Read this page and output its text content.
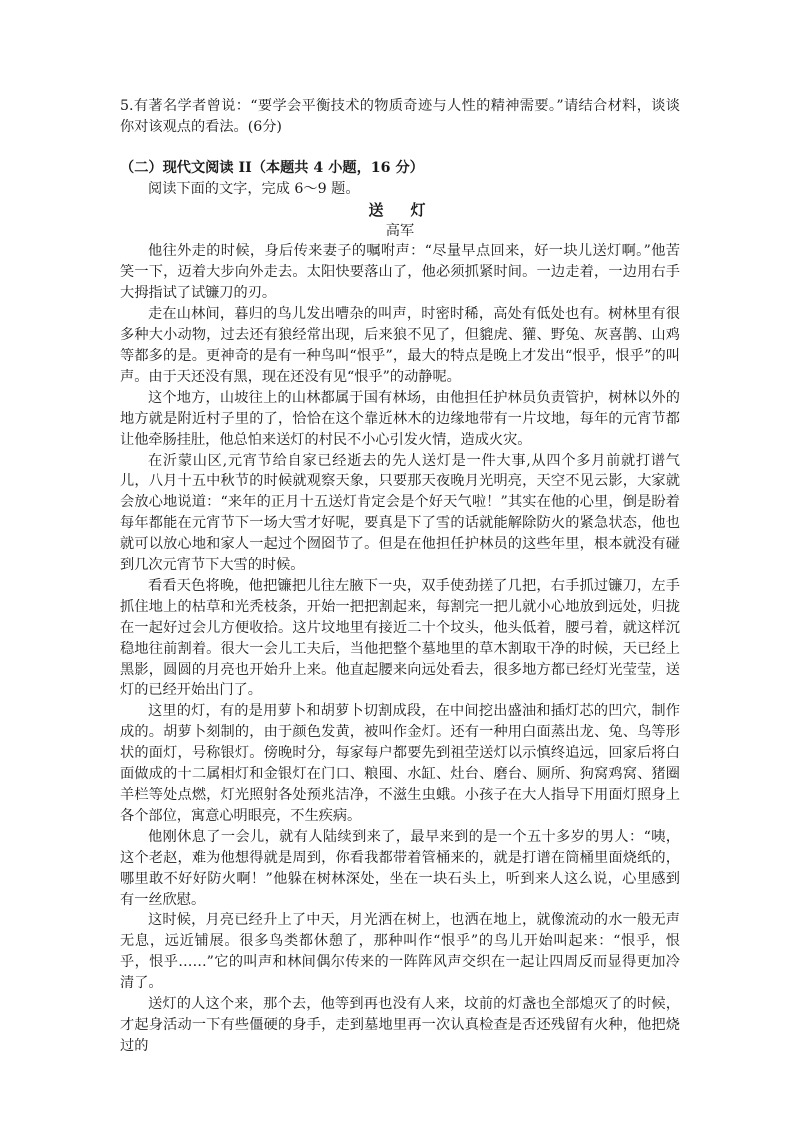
5.有著名学者曾说：“要学会平衡技术的物质奇迹与人性的精神需要。”请结合材料，谈谈你对该观点的看法。(6分)

（二）现代文阅读 II（本题共 4 小题，16 分）

阅读下面的文字，完成 6～9 题。

送　灯

高军

他往外走的时候，身后传来妻子的嘱咐声：“尽量早点回来，好一块儿送灯啊。”他苦笑一下，迈着大步向外走去。太阳快要落山了，他必须抓紧时间。一边走着，一边用右手大拇指试了试镰刀的刃。

走在山林间，暮归的鸟儿发出嘈杂的叫声，时密时稀，高处有低处也有。树林里有很多种大小动物，过去还有狼经常出现，后来狼不见了，但貔虎、獾、野兔、灰喜鹊、山鸡等都多的是。更神奇的是有一种鸟叫“恨乎”，最大的特点是晚上才发出“恨乎，恨乎”的叫声。由于天还没有黑，现在还没有见“恨乎”的动静呢。

这个地方，山坡往上的山林都属于国有林场，由他担任护林员负责管护，树林以外的地方就是附近村子里的了，恰恰在这个靠近林木的边缘地带有一片坟地，每年的元宵节都让他牵肠挂肚，他总怕来送灯的村民不小心引发火情，造成火灾。

在沂蒙山区,元宵节给自家已经逝去的先人送灯是一件大事,从四个多月前就打谱气儿，八月十五中秋节的时候就观察天象，只要那天夜晚月光明亮，天空不见云影，大家就会放心地说道：“来年的正月十五送灯肯定会是个好天气啦！”其实在他的心里，倒是盼着每年都能在元宵节下一场大雪才好呢，要真是下了雪的话就能解除防火的紧急状态，他也就可以放心地和家人一起过个囫囵节了。但是在他担任护林员的这些年里，根本就没有碰到几次元宵节下大雪的时候。

看看天色将晚，他把镰把儿往左腋下一央，双手使劲搓了几把，右手抓过镰刀，左手抓住地上的枯草和光秃枝条，开始一把把割起来，每割完一把儿就小心地放到远处，归拢在一起好过会儿方便收拾。这片坟地里有接近二十个坟头，他头低着，腰弓着，就这样沉稳地往前割着。很大一会儿工夫后，当他把整个墓地里的草木割取干净的时候，天已经上黑影，圆圆的月亮也开始升上来。他直起腰来向远处看去，很多地方都已经灯光莹莹，送灯的已经开始出门了。

这里的灯，有的是用萝卜和胡萝卜切割成段，在中间挖出盛油和插灯芯的凹穴，制作成的。胡萝卜刻制的，由于颜色发黄，被叫作金灯。还有一种用白面蒸出龙、兔、鸟等形状的面灯，号称银灯。傍晚时分，每家每户都要先到祖茔送灯以示慎终追远，回家后将白面做成的十二属相灯和金银灯在门口、粮囤、水缸、灶台、磨台、厕所、狗窝鸡窝、猪圈羊栏等处点燃，灯光照射各处预兆洁净，不滋生虫蛾。小孩子在大人指导下用面灯照身上各个部位，寓意心明眼亮，不生疾病。

他刚休息了一会儿，就有人陆续到来了，最早来到的是一个五十多岁的男人：“咦，这个老赵，难为他想得就是周到，你看我都带着管桶来的，就是打谱在筒桶里面烧纸的，哪里敢不好好防火啊！”他躲在树林深处，坐在一块石头上，听到来人这么说，心里感到有一丝欣慰。

这时候，月亮已经升上了中天，月光洒在树上，也洒在地上，就像流动的水一般无声无息，远近铺展。很多鸟类都休憩了，那种叫作“恨乎”的鸟儿开始叫起来：“恨乎，恨乎，恨乎……”它的叫声和林间偶尔传来的一阵阵风声交织在一起让四周反而显得更加冷清了。

送灯的人这个来，那个去，他等到再也没有人来，坟前的灯盏也全部熄灭了的时候，才起身活动一下有些僵硬的身手，走到墓地里再一次认真检查是否还残留有火种，他把烧过的
